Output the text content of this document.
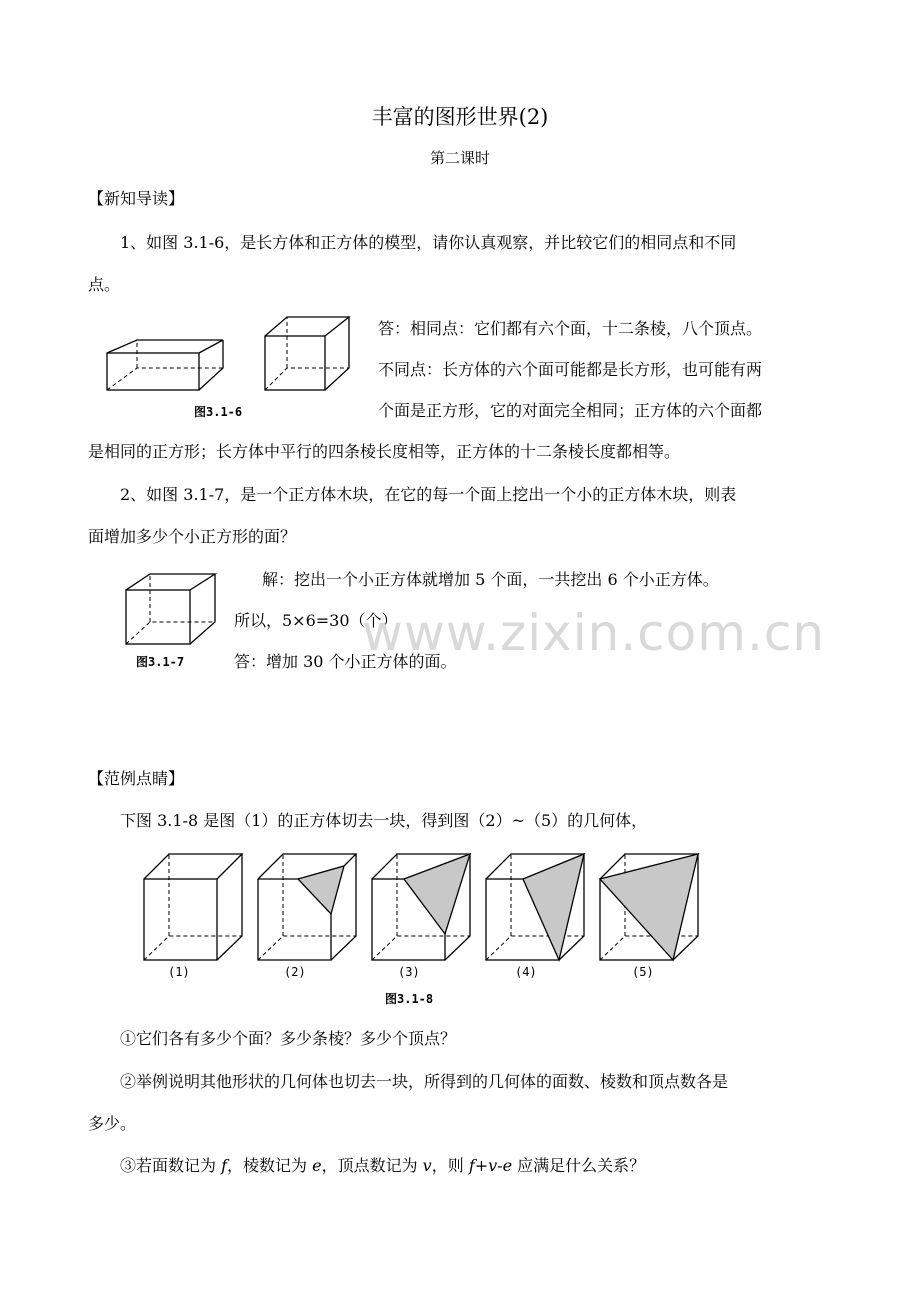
丰富的图形世界(2)
第二课时
【新知导读】
1、如图 3.1-6，是长方体和正方体的模型，请你认真观察，并比较它们的相同点和不同
点。
图3.1-6
答：相同点：它们都有六个面，十二条棱，八个顶点。
不同点：长方体的六个面可能都是长方形，也可能有两
个面是正方形，它的对面完全相同；正方体的六个面都
是相同的正方形；长方体中平行的四条棱长度相等，正方体的十二条棱长度都相等。
2、如图 3.1-7，是一个正方体木块，在它的每一个面上挖出一个小的正方体木块，则表
面增加多少个小正方形的面？
图3.1-7
解：挖出一个小正方体就增加 5 个面，一共挖出 6 个小正方体。
所以，5×6=30（个）
答：增加 30 个小正方体的面。
www.zixin.com.cn
【范例点睛】
下图 3.1-8 是图（1）的正方体切去一块，得到图（2）~（5）的几何体，
(1)	(2)	(3)	(4)	(5)
图3.1-8
①它们各有多少个面？多少条棱？多少个顶点？
②举例说明其他形状的几何体也切去一块，所得到的几何体的面数、棱数和顶点数各是
多少。
③若面数记为 f，棱数记为 e，顶点数记为 v，则 f+v-e 应满足什么关系？
